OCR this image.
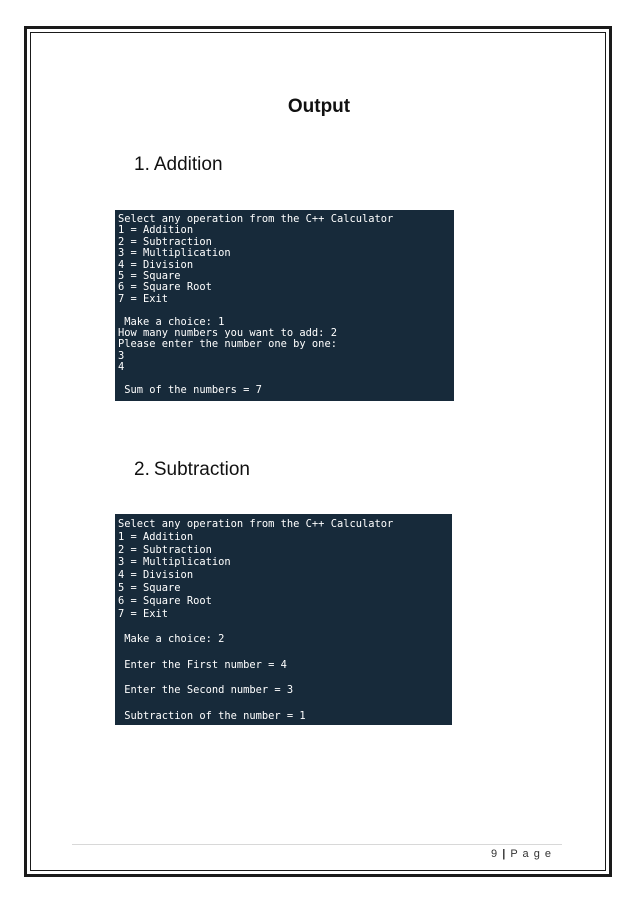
Output
1. Addition
Select any operation from the C++ Calculator
1 = Addition
2 = Subtraction
3 = Multiplication
4 = Division
5 = Square
6 = Square Root
7 = Exit
Make a choice: 1
How many numbers you want to add: 2
Please enter the number one by one:
3
4
Sum of the numbers = 7
2. Subtraction
Select any operation from the C++ Calculator
1 = Addition
2 = Subtraction
3 = Multiplication
4 = Division
5 = Square
6 = Square Root
7 = Exit
Make a choice: 2
Enter the First number = 4
Enter the Second number = 3
Subtraction of the number = 1
9 | P a g e
